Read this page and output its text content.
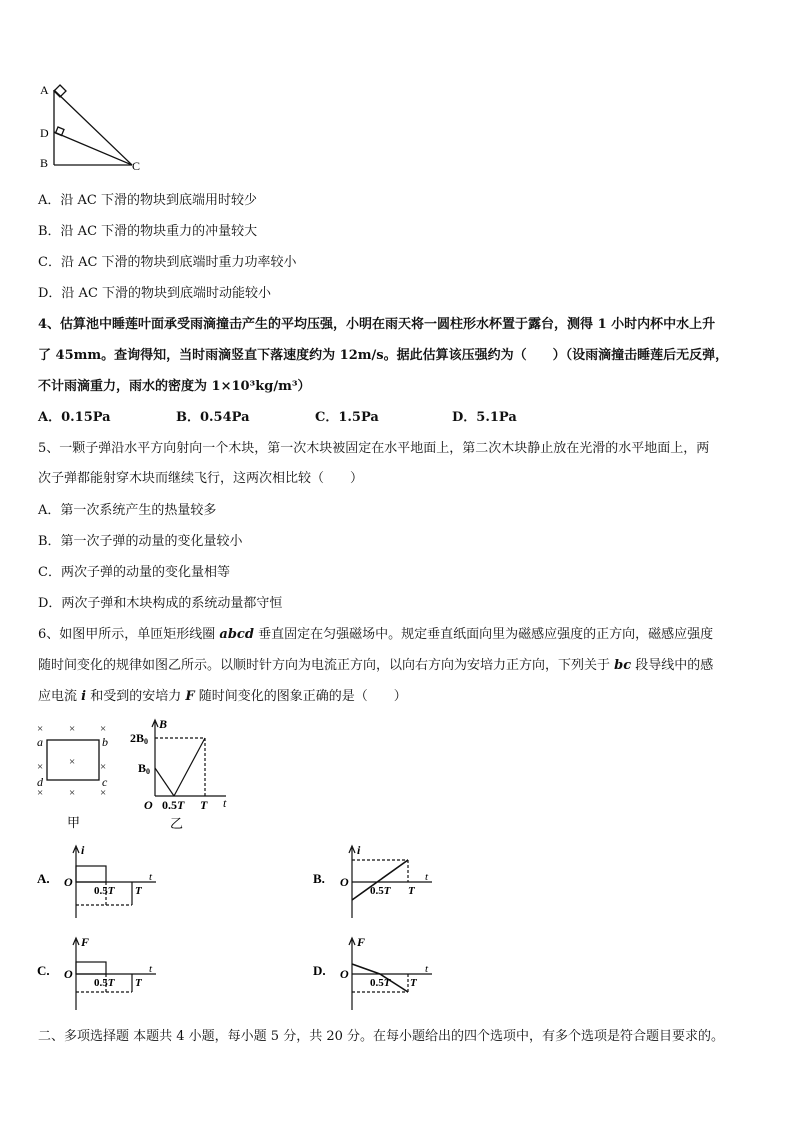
A
D
B	C
A．沿 AC 下滑的物块到底端用时较少
B．沿 AC 下滑的物块重力的冲量较大
C．沿 AC 下滑的物块到底端时重力功率较小
D．沿 AC 下滑的物块到底端时动能较小
4、估算池中睡莲叶面承受雨滴撞击产生的平均压强，小明在雨天将一圆柱形水杯置于露台，测得 1 小时内杯中水上升
了 45mm。查询得知，当时雨滴竖直下落速度约为 12m/s。据此估算该压强约为（　　）（设雨滴撞击睡莲后无反弹，
不计雨滴重力，雨水的密度为 1×10³kg/m³）
A．0.15Pa	B．0.54Pa	C．1.5Pa	D．5.1Pa
5、一颗子弹沿水平方向射向一个木块，第一次木块被固定在水平地面上，第二次木块静止放在光滑的水平地面上，两
次子弹都能射穿木块而继续飞行，这两次相比较（　　）
A．第一次系统产生的热量较多
B．第一次子弹的动量的变化量较小
C．两次子弹的动量的变化量相等
D．两次子弹和木块构成的系统动量都守恒
6、如图甲所示，单匝矩形线圈 abcd 垂直固定在匀强磁场中。规定垂直纸面向里为磁感应强度的正方向，磁感应强度
随时间变化的规律如图乙所示。以顺时针方向为电流正方向，以向右方向为安培力正方向，下列关于 bc 段导线中的感
应电流 i 和受到的安培力 F 随时间变化的图象正确的是（　　）
× × ×
×
×	×
× × ×
a	b
c
d
甲
B
2B0
B0
O 0.5T T t
乙
A.
i
O
0.5T T
t	B.
i
O
0.5T T
t
C.
F
O
0.5T T
t	D.
F
O
0.5T T
t
二、多项选择题 本题共 4 小题，每小题 5 分，共 20 分。在每小题给出的四个选项中，有多个选项是符合题目要求的。
